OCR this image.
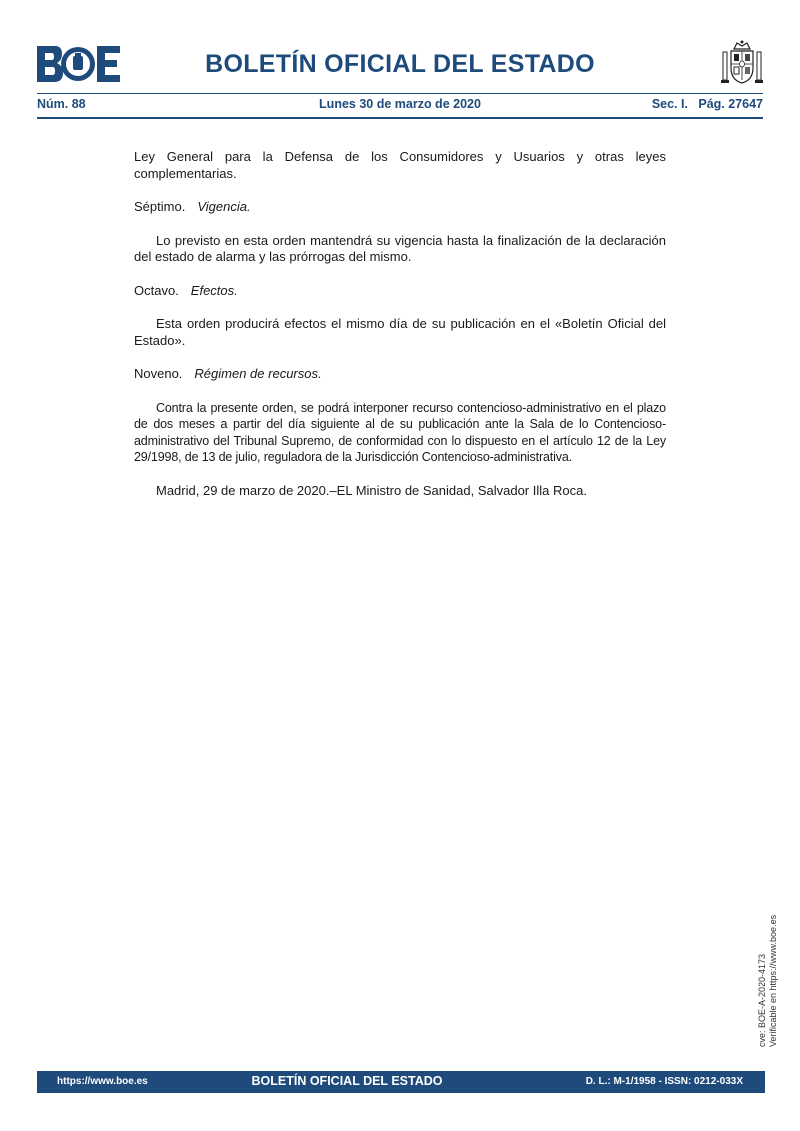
BOLETÍN OFICIAL DEL ESTADO
Núm. 88	Lunes 30 de marzo de 2020	Sec. I.   Pág. 27647

Ley General para la Defensa de los Consumidores y Usuarios y otras leyes complementarias.

Séptimo. Vigencia.

Lo previsto en esta orden mantendrá su vigencia hasta la finalización de la declaración del estado de alarma y las prórrogas del mismo.

Octavo. Efectos.

Esta orden producirá efectos el mismo día de su publicación en el «Boletín Oficial del Estado».

Noveno. Régimen de recursos.

Contra la presente orden, se podrá interponer recurso contencioso-administrativo en el plazo de dos meses a partir del día siguiente al de su publicación ante la Sala de lo Contencioso-administrativo del Tribunal Supremo, de conformidad con lo dispuesto en el artículo 12 de la Ley 29/1998, de 13 de julio, reguladora de la Jurisdicción Contencioso-administrativa.

Madrid, 29 de marzo de 2020.–EL Ministro de Sanidad, Salvador Illa Roca.

cve: BOE-A-2020-4173 Verificable en https://www.boe.es
https://www.boe.es	BOLETÍN OFICIAL DEL ESTADO	D. L.: M-1/1958 - ISSN: 0212-033X
